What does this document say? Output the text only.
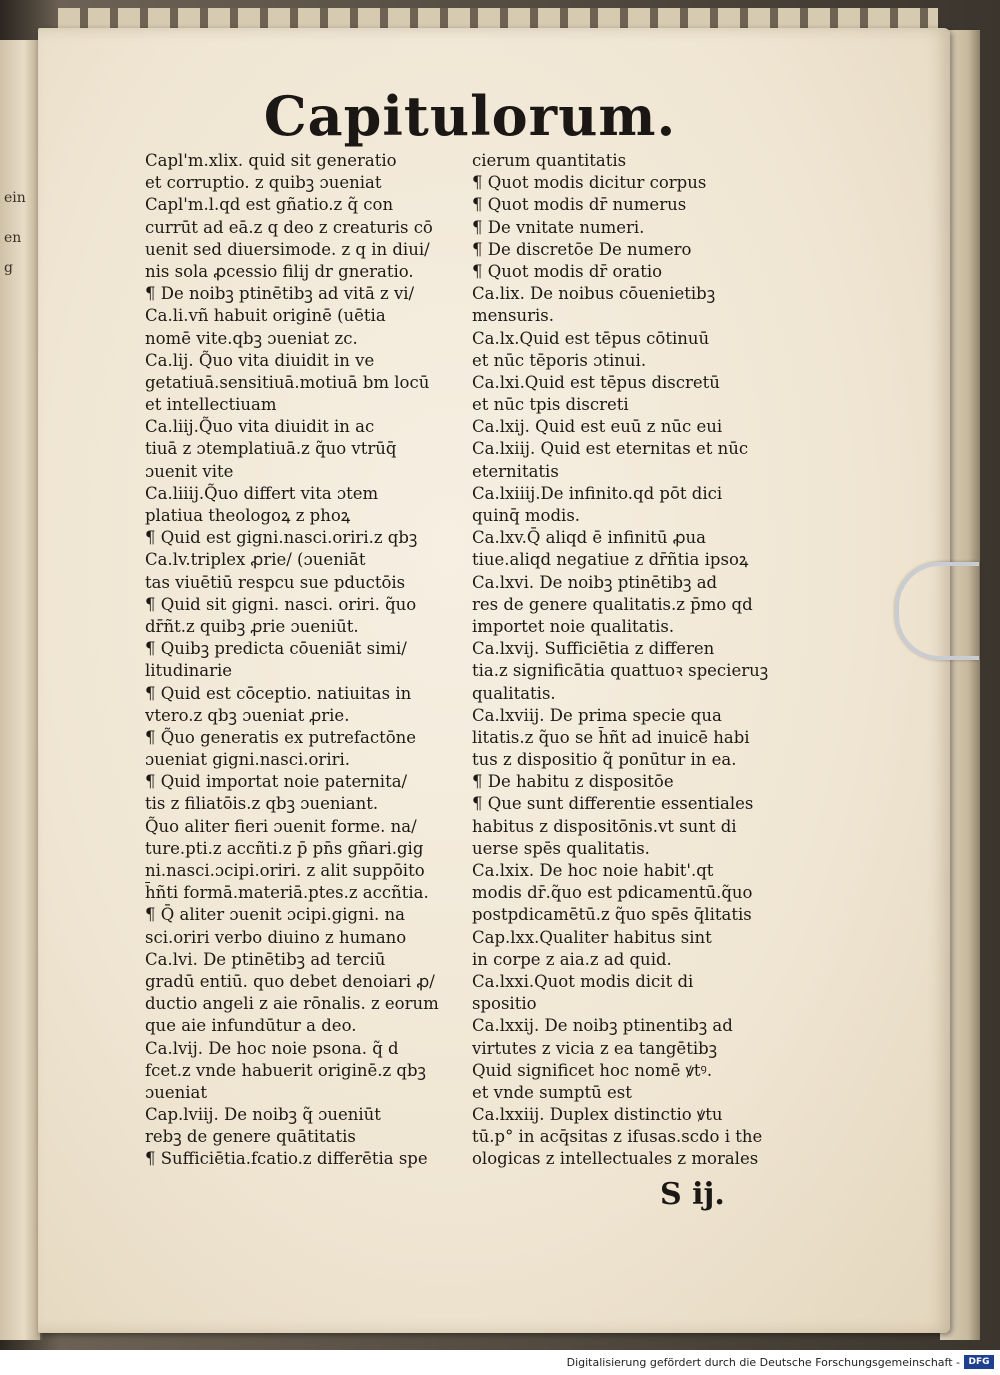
ein
en
g
Capitulorum.
Capl'm.xlix. quid sit generatio
et corruptio. z quibꝫ ɔueniat
Capl'm.l.qd est gñatio.z q̃ con
currūt ad eā.z q deo z creaturis cō
uenit sed diuersimode. z q in diui/
nis sola ꝓcessio filij dr gneratio.
¶ De noibꝫ ptinētibꝫ ad vitā z vi/
Ca.li.vñ habuit originē (uētia
nomē vite.qbꝫ ɔueniat zc.
Ca.lij. Q̃uo vita diuidit in ve
getatiuā.sensitiuā.motiuā bm locū
et intellectiuam
Ca.liij.Q̃uo vita diuidit in ac
tiuā z ɔtemplatiuā.z q̃uo vtrūq̄
ɔuenit vite
Ca.liiij.Q̃uo differt vita ɔtem
platiua theologoꝝ z phoꝝ
¶ Quid est gigni.nasci.oriri.z qbꝫ
Ca.lv.triplex ꝓrie/ (ɔueniāt
tas viuētiū respcu sue pductōis
¶ Quid sit gigni. nasci. oriri. q̃uo
dr̄ñt.z quibꝫ ꝓrie ɔueniūt.
¶ Quibꝫ predicta cōueniāt simi/
litudinarie
¶ Quid est cōceptio. natiuitas in
vtero.z qbꝫ ɔueniat ꝓrie.
¶ Q̃uo generatis ex putrefactōne
ɔueniat gigni.nasci.oriri.
¶ Quid importat noie paternita/
tis z filiatōis.z qbꝫ ɔueniant.
Q̃uo aliter fieri ɔuenit forme. na/
ture.pti.z accñti.z p̄ pn̄s gñari.gig
ni.nasci.ɔcipi.oriri. z alit suppōito
h̄ñti formā.materiā.ptes.z accñtia.
¶ Q̄ aliter ɔuenit ɔcipi.gigni. na
sci.oriri verbo diuino z humano
Ca.lvi. De ptinētibꝫ ad terciū
gradū entiū. quo debet denoiari ꝓ/
ductio angeli z aie rōnalis. z eorum
que aie infundūtur a deo.
Ca.lvij. De hoc noie psona. q̃ d
fcet.z vnde habuerit originē.z qbꝫ
ɔueniat
Cap.lviij. De noibꝫ q̃ ɔueniūt
rebꝫ de genere quātitatis
¶ Sufficiētia.fcatio.z differētia spe
cierum quantitatis
¶ Quot modis dicitur corpus
¶ Quot modis dr̄ numerus
¶ De vnitate numeri.
¶ De discretōe De numero
¶ Quot modis dr̄ oratio
Ca.lix. De noibus cōuenietibꝫ
mensuris.
Ca.lx.Quid est tēpus cōtinuū
et nūc tēporis ɔtinui.
Ca.lxi.Quid est tēpus discretū
et nūc tpis discreti
Ca.lxij. Quid est euū z nūc eui
Ca.lxiij. Quid est eternitas et nūc
eternitatis
Ca.lxiiij.De infinito.qd pōt dici
quinq̄ modis.
Ca.lxv.Q̄ aliqd ē infinitū ꝓua
tiue.aliqd negatiue z dr̄ñtia ipsoꝝ
Ca.lxvi. De noibꝫ ptinētibꝫ ad
res de genere qualitatis.z p̄mo qd
importet noie qualitatis.
Ca.lxvij. Sufficiētia z differen
tia.z significātia quattuoꝛ specieruꝫ
qualitatis.
Ca.lxviij. De prima specie qua
litatis.z q̃uo se h̄ñt ad inuicē habi
tus z dispositio q̃ ponūtur in ea.
¶ De habitu z dispositōe
¶ Que sunt differentie essentiales
habitus z dispositōnis.vt sunt di
uerse spēs qualitatis.
Ca.lxix. De hoc noie habit'.qt
modis dr̄.q̃uo est pdicamentū.q̃uo
postpdicamētū.z q̃uo spēs q̄litatis
Cap.lxx.Qualiter habitus sint
in corpe z aia.z ad quid.
Ca.lxxi.Quot modis dicit di
spositio
Ca.lxxij. De noibꝫ ptinentibꝫ ad
virtutes z vicia z ea tangētibꝫ
Quid significet hoc nomē ꝟtꝰ.
et vnde sumptū est
Ca.lxxiij. Duplex distinctio ꝟtu
tū.p° in acq̄sitas z ifusas.scdo i the
ologicas z intellectuales z morales
S ij.
Digitalisierung gefördert durch die Deutsche Forschungsgemeinschaft - DFG
